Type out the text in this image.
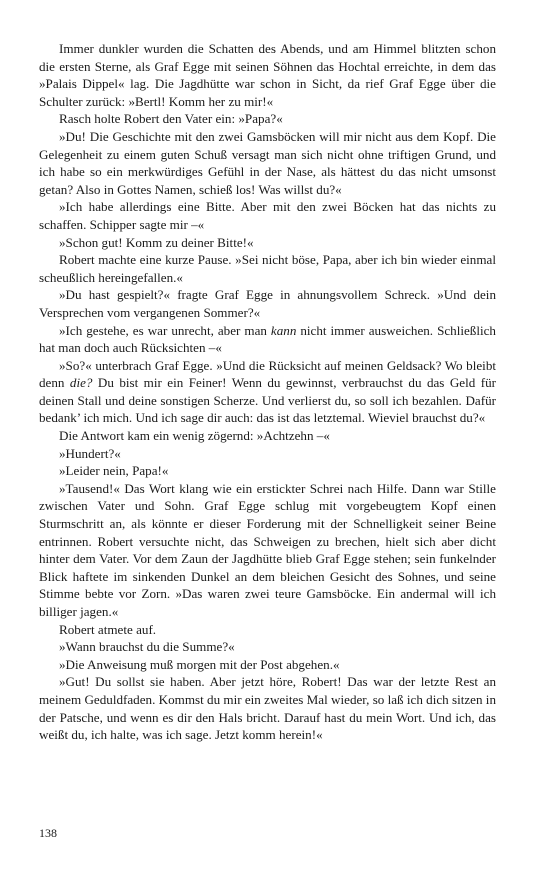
Immer dunkler wurden die Schatten des Abends, und am Himmel blitzten schon die ersten Sterne, als Graf Egge mit seinen Söhnen das Hochtal erreichte, in dem das »Palais Dippel« lag. Die Jagdhütte war schon in Sicht, da rief Graf Egge über die Schulter zurück: »Bertl! Komm her zu mir!«

Rasch holte Robert den Vater ein: »Papa?«

»Du! Die Geschichte mit den zwei Gamsböcken will mir nicht aus dem Kopf. Die Gelegenheit zu einem guten Schuß versagt man sich nicht ohne triftigen Grund, und ich habe so ein merkwürdiges Gefühl in der Nase, als hättest du das nicht umsonst getan? Also in Gottes Namen, schieß los! Was willst du?«

»Ich habe allerdings eine Bitte. Aber mit den zwei Böcken hat das nichts zu schaffen. Schipper sagte mir –«

»Schon gut! Komm zu deiner Bitte!«

Robert machte eine kurze Pause. »Sei nicht böse, Papa, aber ich bin wieder einmal scheußlich hereingefallen.«

»Du hast gespielt?« fragte Graf Egge in ahnungsvollem Schreck. »Und dein Versprechen vom vergangenen Sommer?«

»Ich gestehe, es war unrecht, aber man kann nicht immer ausweichen. Schließlich hat man doch auch Rücksichten –«

»So?« unterbrach Graf Egge. »Und die Rücksicht auf meinen Geldsack? Wo bleibt denn die? Du bist mir ein Feiner! Wenn du gewinnst, verbrauchst du das Geld für deinen Stall und deine sonstigen Scherze. Und verlierst du, so soll ich bezahlen. Dafür bedank’ ich mich. Und ich sage dir auch: das ist das letztemal. Wieviel brauchst du?«

Die Antwort kam ein wenig zögernd: »Achtzehn –«

»Hundert?«

»Leider nein, Papa!«

»Tausend!« Das Wort klang wie ein erstickter Schrei nach Hilfe. Dann war Stille zwischen Vater und Sohn. Graf Egge schlug mit vorgebeugtem Kopf einen Sturmschritt an, als könnte er dieser Forderung mit der Schnelligkeit seiner Beine entrinnen. Robert versuchte nicht, das Schweigen zu brechen, hielt sich aber dicht hinter dem Vater. Vor dem Zaun der Jagdhütte blieb Graf Egge stehen; sein funkelnder Blick haftete im sinkenden Dunkel an dem bleichen Gesicht des Sohnes, und seine Stimme bebte vor Zorn. »Das waren zwei teure Gamsböcke. Ein andermal will ich billiger jagen.«

Robert atmete auf.

»Wann brauchst du die Summe?«

»Die Anweisung muß morgen mit der Post abgehen.«

»Gut! Du sollst sie haben. Aber jetzt höre, Robert! Das war der letzte Rest an meinem Geduldfaden. Kommst du mir ein zweites Mal wieder, so laß ich dich sitzen in der Patsche, und wenn es dir den Hals bricht. Darauf hast du mein Wort. Und ich, das weißt du, ich halte, was ich sage. Jetzt komm herein!«

138
